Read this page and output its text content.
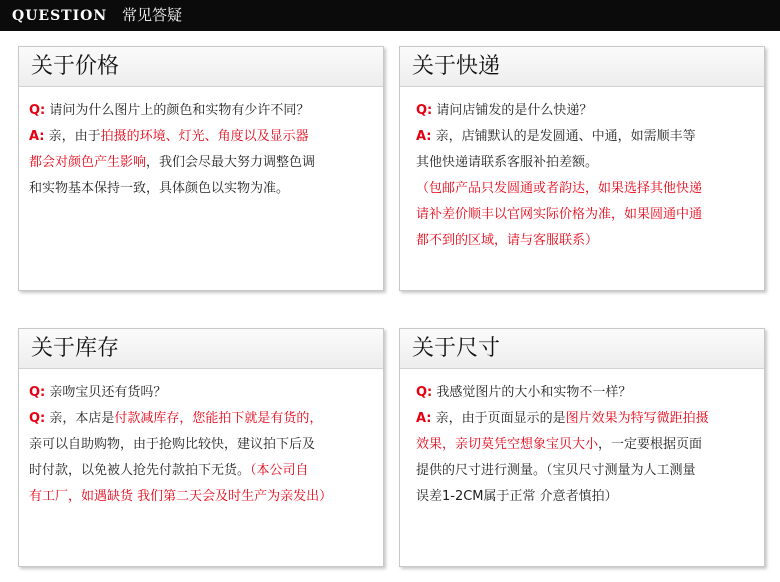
QUESTION 常见答疑
关于价格
Q: 请问为什么图片上的颜色和实物有少许不同？
A: 亲，由于拍摄的环境、灯光、角度以及显示器
都会对颜色产生影响，我们会尽最大努力调整色调
和实物基本保持一致，具体颜色以实物为准。
关于快递
Q: 请问店铺发的是什么快递？
A: 亲，店铺默认的是发圆通、中通，如需顺丰等
其他快递请联系客服补拍差额。
（包邮产品只发圆通或者韵达，如果选择其他快递
请补差价顺丰以官网实际价格为准，如果圆通中通
都不到的区域，请与客服联系）
关于库存
Q: 亲吻宝贝还有货吗？
Q: 亲，本店是付款减库存，您能拍下就是有货的，
亲可以自助购物，由于抢购比较快，建议拍下后及
时付款，以免被人抢先付款拍下无货。（本公司自
有工厂，如遇缺货 我们第二天会及时生产为亲发出）
关于尺寸
Q: 我感觉图片的大小和实物不一样？
A: 亲，由于页面显示的是图片效果为特写微距拍摄
效果，亲切莫凭空想象宝贝大小，一定要根据页面
提供的尺寸进行测量。（宝贝尺寸测量为人工测量
误差1-2CM属于正常 介意者慎拍）
